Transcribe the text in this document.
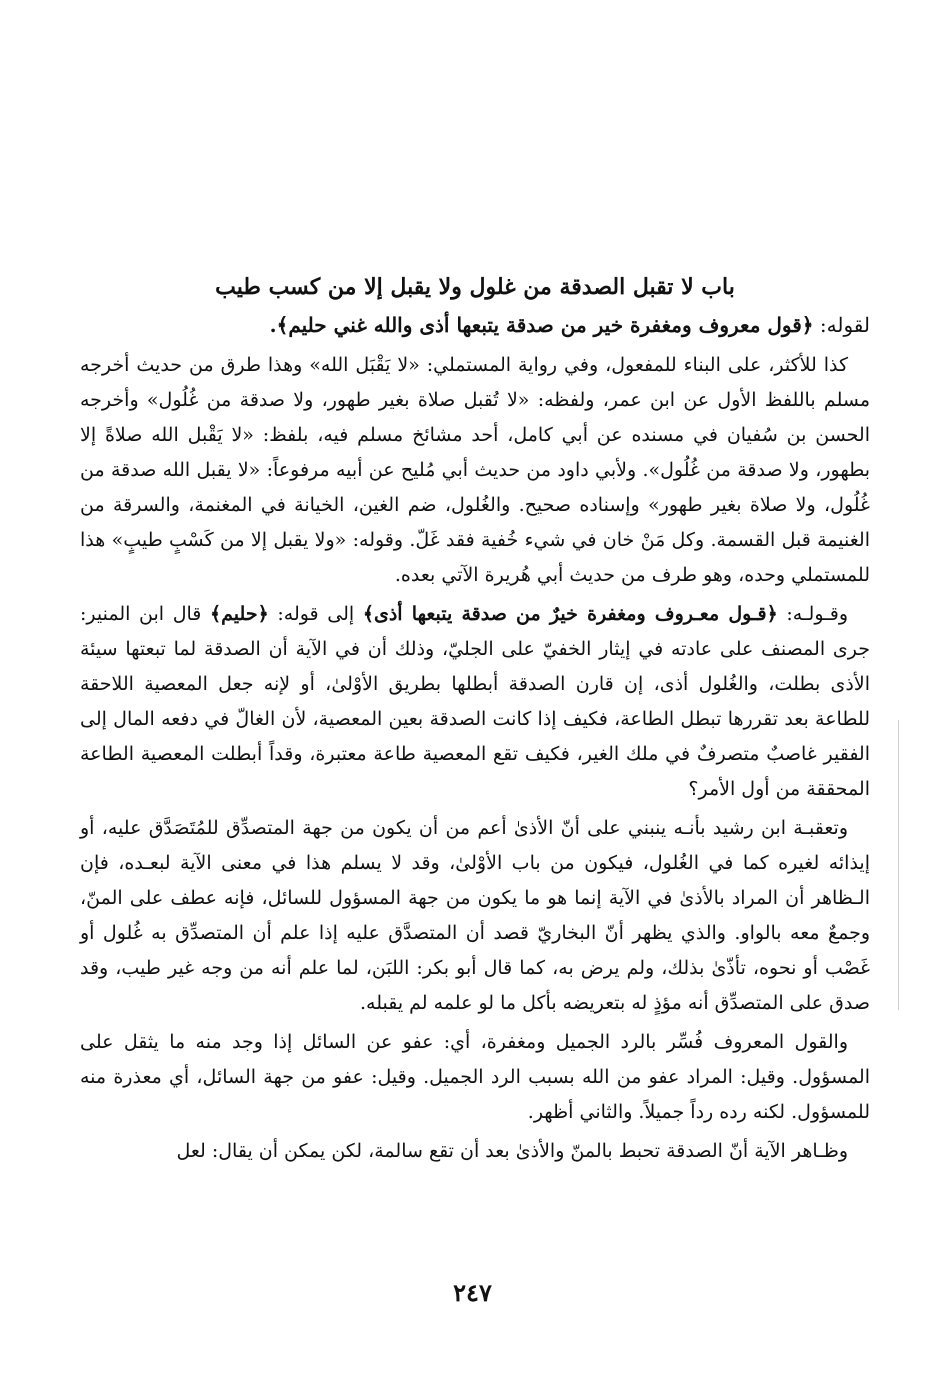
باب لا تقبل الصدقة من غلول ولا يقبل إلا من كسب طيب
لقوله: ﴿قول معروف ومغفرة خير من صدقة يتبعها أذى والله غني حليم﴾.

كذا للأكثر، على البناء للمفعول، وفي رواية المستملي: «لا يَقْبَل الله» وهذا طرق من حديث أخرجه مسلم باللفظ الأول عن ابن عمر، ولفظه: «لا تُقبل صلاة بغير طهور، ولا صدقة من غُلُول» وأخرجه الحسن بن سُفيان في مسنده عن أبي كامل، أحد مشائخ مسلم فيه، بلفظ: «لا يَقْبل الله صلاةً إلا بطهور، ولا صدقة من غُلُول». ولأبي داود من حديث أبي مُليح عن أبيه مرفوعاً: «لا يقبل الله صدقة من غُلُول، ولا صلاة بغير طهور» وإسناده صحيح. والغُلول، ضم الغين، الخيانة في المغنمة، والسرقة من الغنيمة قبل القسمة. وكل مَنْ خان في شيء خُفية فقد غَلّ. وقوله: «ولا يقبل إلا من كَسْبٍ طيبٍ» هذا للمستملي وحده، وهو طرف من حديث أبي هُريرة الآتي بعده.

وقـولـه: ﴿قـول معـروف ومغفرة خيرٌ من صدقة يتبعها أذى﴾ إلى قوله: ﴿حليم﴾ قال ابن المنير: جرى المصنف على عادته في إيثار الخفيّ على الجليّ، وذلك أن في الآية أن الصدقة لما تبعتها سيئة الأذى بطلت، والغُلول أذى، إن قارن الصدقة أبطلها بطريق الأوْلىٰ، أو لإنه جعل المعصية اللاحقة للطاعة بعد تقررها تبطل الطاعة، فكيف إذا كانت الصدقة بعين المعصية، لأن الغالّ في دفعه المال إلى الفقير غاصبٌ متصرفٌ في ملك الغير، فكيف تقع المعصية طاعة معتبرة، وقداً أبطلت المعصية الطاعة المحققة من أول الأمر؟

وتعقبـة ابن رشيد بأنـه ينبني على أنّ الأذىٰ أعم من أن يكون من جهة المتصدِّق للمُتَصَدَّق عليه، أو إيذائه لغيره كما في الغُلول، فيكون من باب الأوْلىٰ، وقد لا يسلم هذا في معنى الآية لبعـده، فإن الـظاهر أن المراد بالأذىٰ في الآية إنما هو ما يكون من جهة المسؤول للسائل، فإنه عطف على المنّ، وجمعٌ معه بالواو. والذي يظهر أنّ البخاريّ قصد أن المتصدَّق عليه إذا علم أن المتصدِّق به غُلول أو غَصْب أو نحوه، تأذّىٰ بذلك، ولم يرض به، كما قال أبو بكر: اللبَن، لما علم أنه من وجه غير طيب، وقد صدق على المتصدِّق أنه مؤذٍ له بتعريضه بأكل ما لو علمه لم يقبله.

والقول المعروف فُسِّر بالرد الجميل ومغفرة، أي: عفو عن السائل إذا وجد منه ما يثقل على المسؤول. وقيل: المراد عفو من الله بسبب الرد الجميل. وقيل: عفو من جهة السائل، أي معذرة منه للمسؤول. لكنه رده رداً جميلاً. والثاني أظهر.

وظـاهر الآية أنّ الصدقة تحبط بالمنّ والأذىٰ بعد أن تقع سالمة، لكن يمكن أن يقال: لعل

٢٤٧
